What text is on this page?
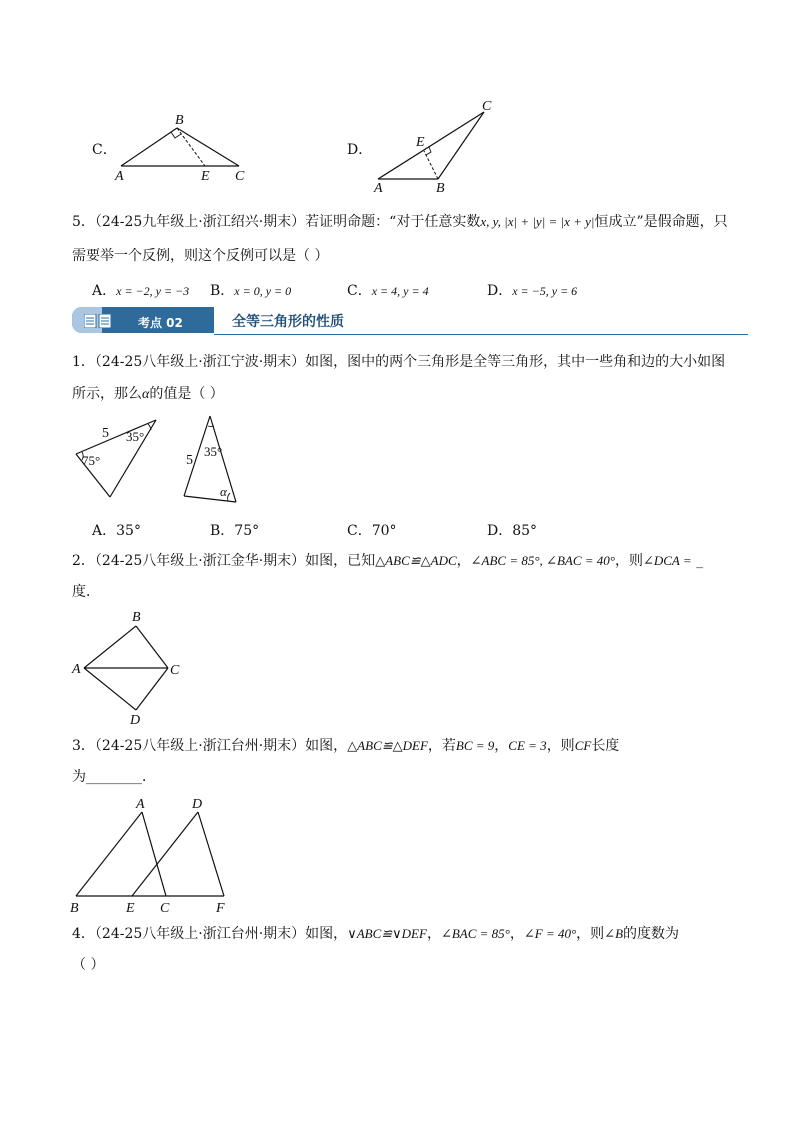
C．
B
A	E C
D．
C
E
A	B
5．（24-25九年级上·浙江绍兴·期末）若证明命题：“对于任意实数x, y, |x| + |y| = |x + y|恒成立”是假命题，只
需要举一个反例，则这个反例可以是（ ）
A．x = −2, y = −3 B．x = 0, y = 0	C．x = 4, y = 4	D．x = −5, y = 6
考点 02	全等三角形的性质
1．（24-25八年级上·浙江宁波·期末）如图，图中的两个三角形是全等三角形，其中一些角和边的大小如图
所示，那么α的值是（ ）
5 35°
75°	5
35°
α
A．35°	B．75°	C．70°	D．85°
2．（24-25八年级上·浙江金华·期末）如图，已知△ABC≌△ADC，∠ABC = 85°, ∠BAC = 40°，则∠DCA = _
度．
B
A	C
D
3．（24-25八年级上·浙江台州·期末）如图，△ABC≌△DEF，若BC = 9，CE = 3，则CF长度
为________．
A	D
B	E C	F
4．（24-25八年级上·浙江台州·期末）如图，∨ABC≌∨DEF，∠BAC = 85°，∠F = 40°，则∠B的度数为
（ ）
